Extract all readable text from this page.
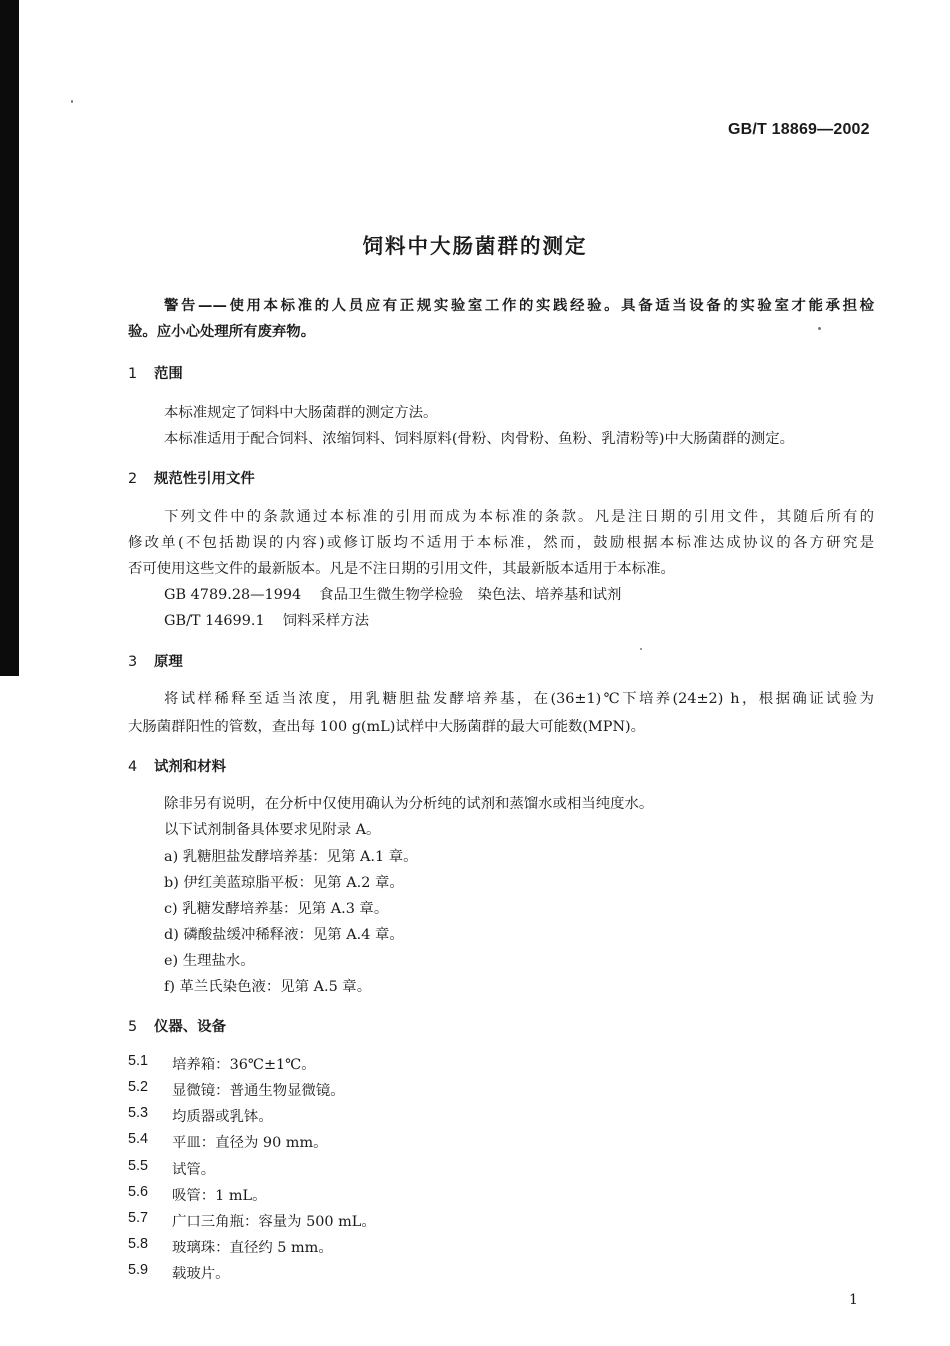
GB/T 18869—2002
饲料中大肠菌群的测定
警告——使用本标准的人员应有正规实验室工作的实践经验。具备适当设备的实验室才能承担检
验。应小心处理所有废弃物。
1 范围
本标准规定了饲料中大肠菌群的测定方法。
本标准适用于配合饲料、浓缩饲料、饲料原料(骨粉、肉骨粉、鱼粉、乳清粉等)中大肠菌群的测定。
2 规范性引用文件
下列文件中的条款通过本标准的引用而成为本标准的条款。凡是注日期的引用文件，其随后所有的
修改单(不包括勘误的内容)或修订版均不适用于本标准，然而，鼓励根据本标准达成协议的各方研究是
否可使用这些文件的最新版本。凡是不注日期的引用文件，其最新版本适用于本标准。
GB 4789.28—1994 食品卫生微生物学检验　染色法、培养基和试剂
GB/T 14699.1 饲料采样方法
3 原理
将试样稀释至适当浓度，用乳糖胆盐发酵培养基，在(36±1)℃下培养(24±2) h，根据确证试验为
大肠菌群阳性的管数，查出每 100 g(mL)试样中大肠菌群的最大可能数(MPN)。
4 试剂和材料
除非另有说明，在分析中仅使用确认为分析纯的试剂和蒸馏水或相当纯度水。
以下试剂制备具体要求见附录 A。
a) 乳糖胆盐发酵培养基：见第 A.1 章。
b) 伊红美蓝琼脂平板：见第 A.2 章。
c) 乳糖发酵培养基：见第 A.3 章。
d) 磷酸盐缓冲稀释液：见第 A.4 章。
e) 生理盐水。
f) 革兰氏染色液：见第 A.5 章。
5 仪器、设备
5.1 培养箱：36℃±1℃。
5.2 显微镜：普通生物显微镜。
5.3 均质器或乳钵。
5.4 平皿：直径为 90 mm。
5.5 试管。
5.6 吸管：1 mL。
5.7 广口三角瓶：容量为 500 mL。
5.8 玻璃珠：直径约 5 mm。
5.9 载玻片。
1
